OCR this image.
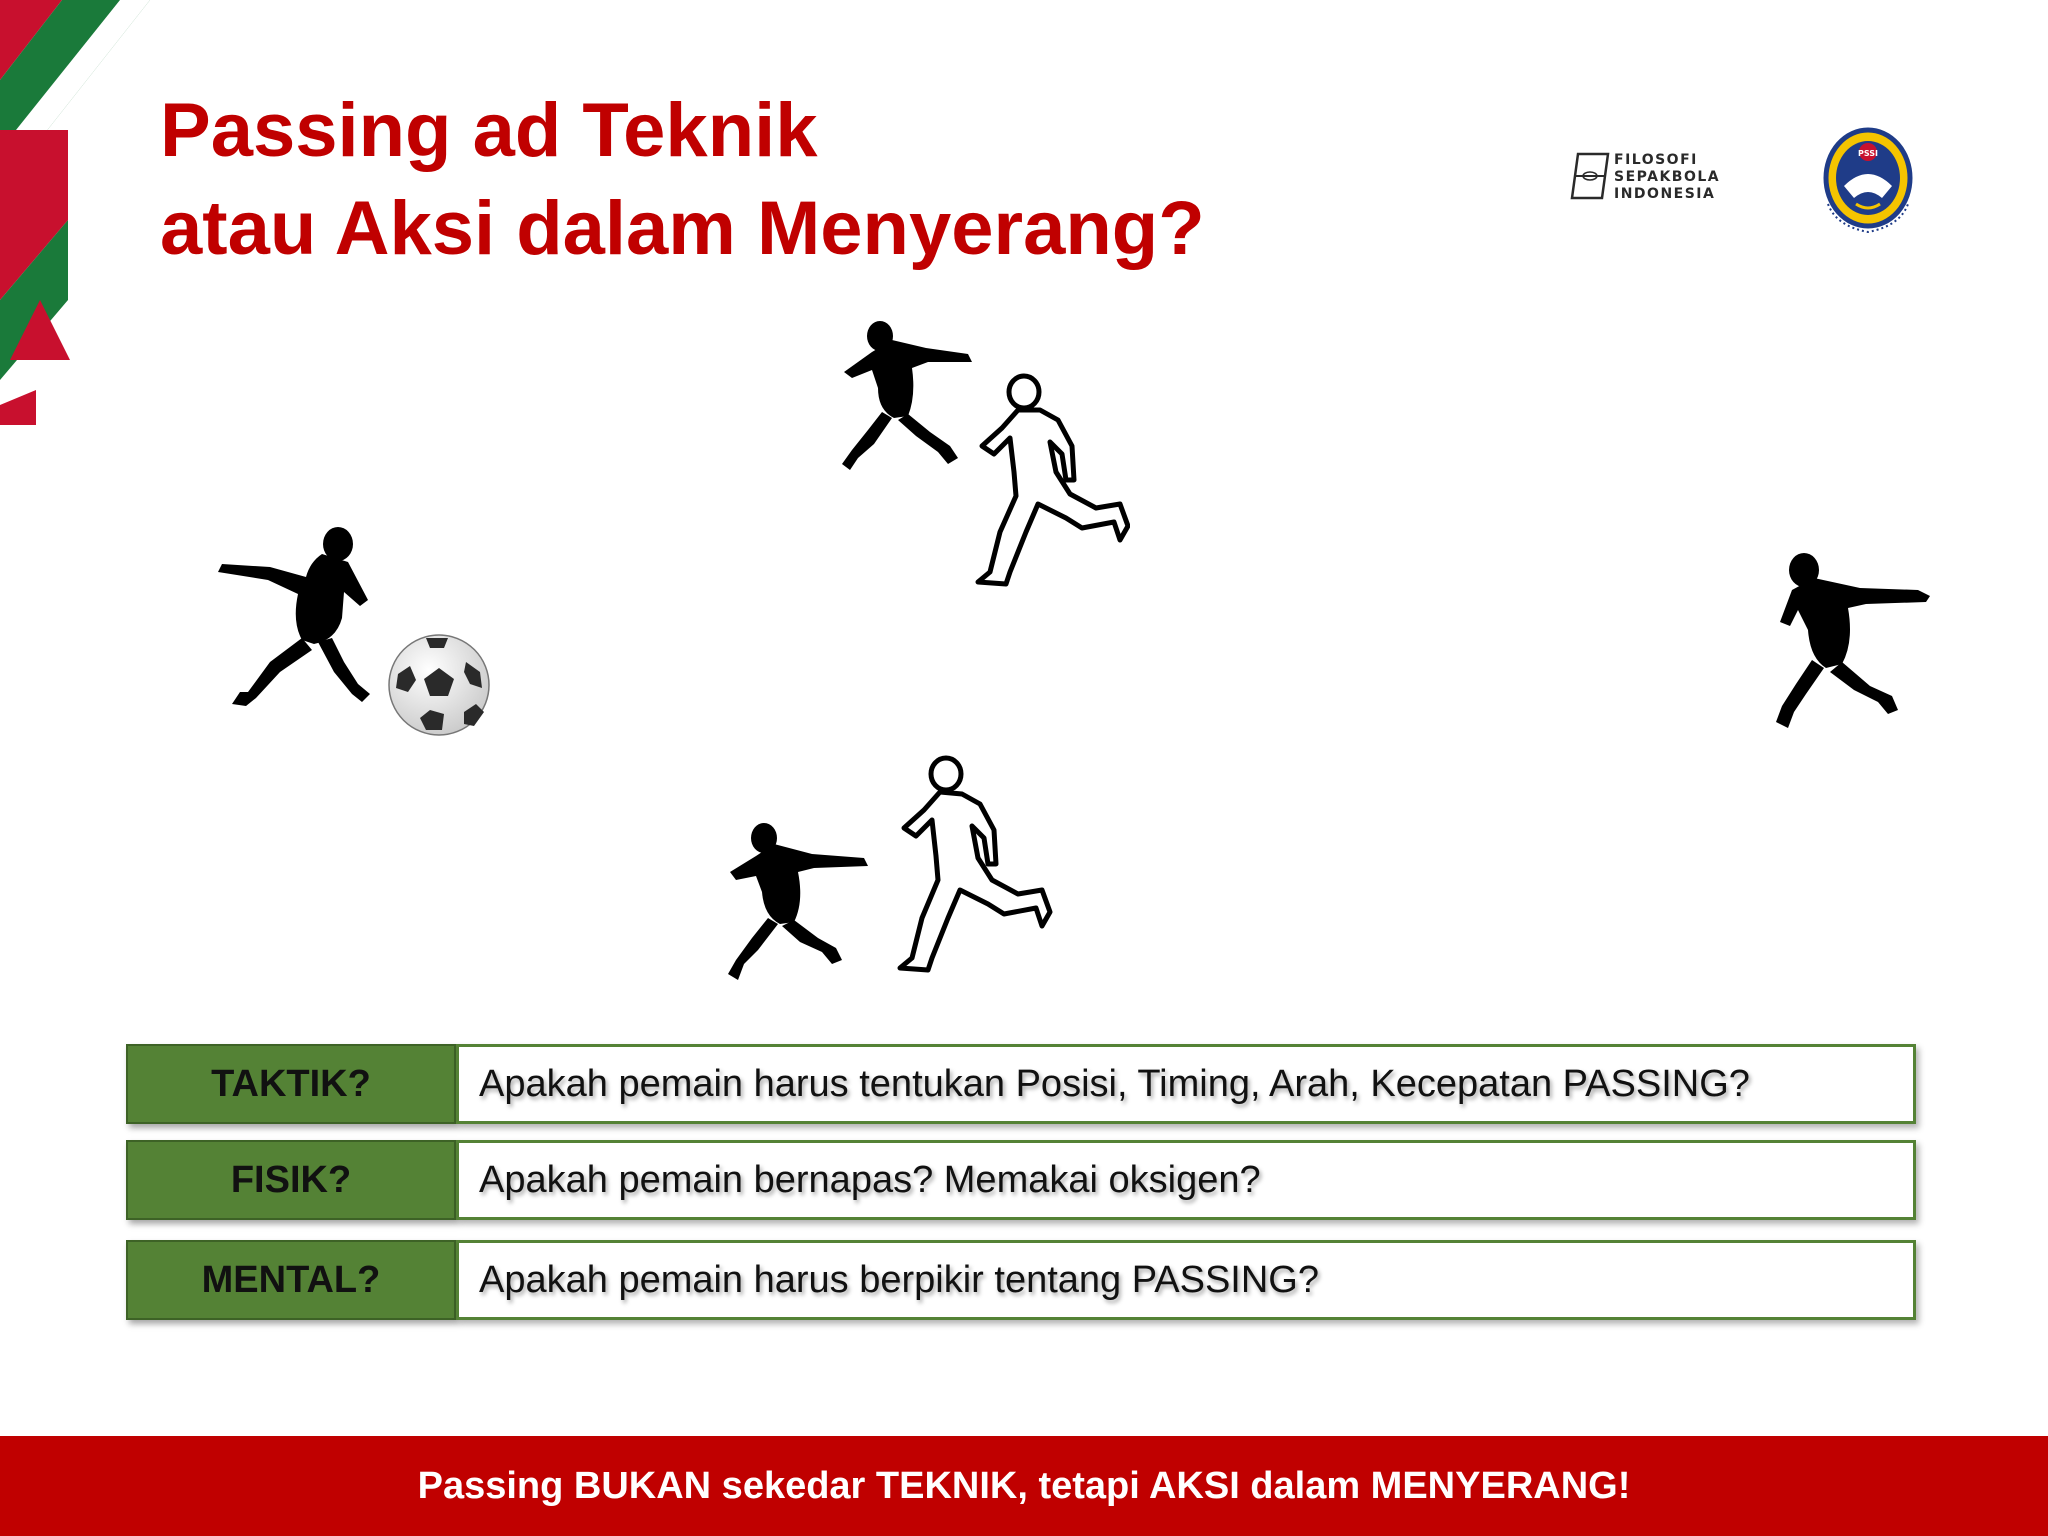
Passing ad Teknik
atau Aksi dalam Menyerang?
FILOSOFI
SEPAKBOLA
INDONESIA
PSSI
TAKTIK?	Apakah pemain harus tentukan Posisi, Timing, Arah, Kecepatan PASSING?
FISIK?	Apakah pemain bernapas? Memakai oksigen?
MENTAL?	Apakah pemain harus berpikir tentang PASSING?
Passing BUKAN sekedar TEKNIK, tetapi AKSI dalam MENYERANG!
